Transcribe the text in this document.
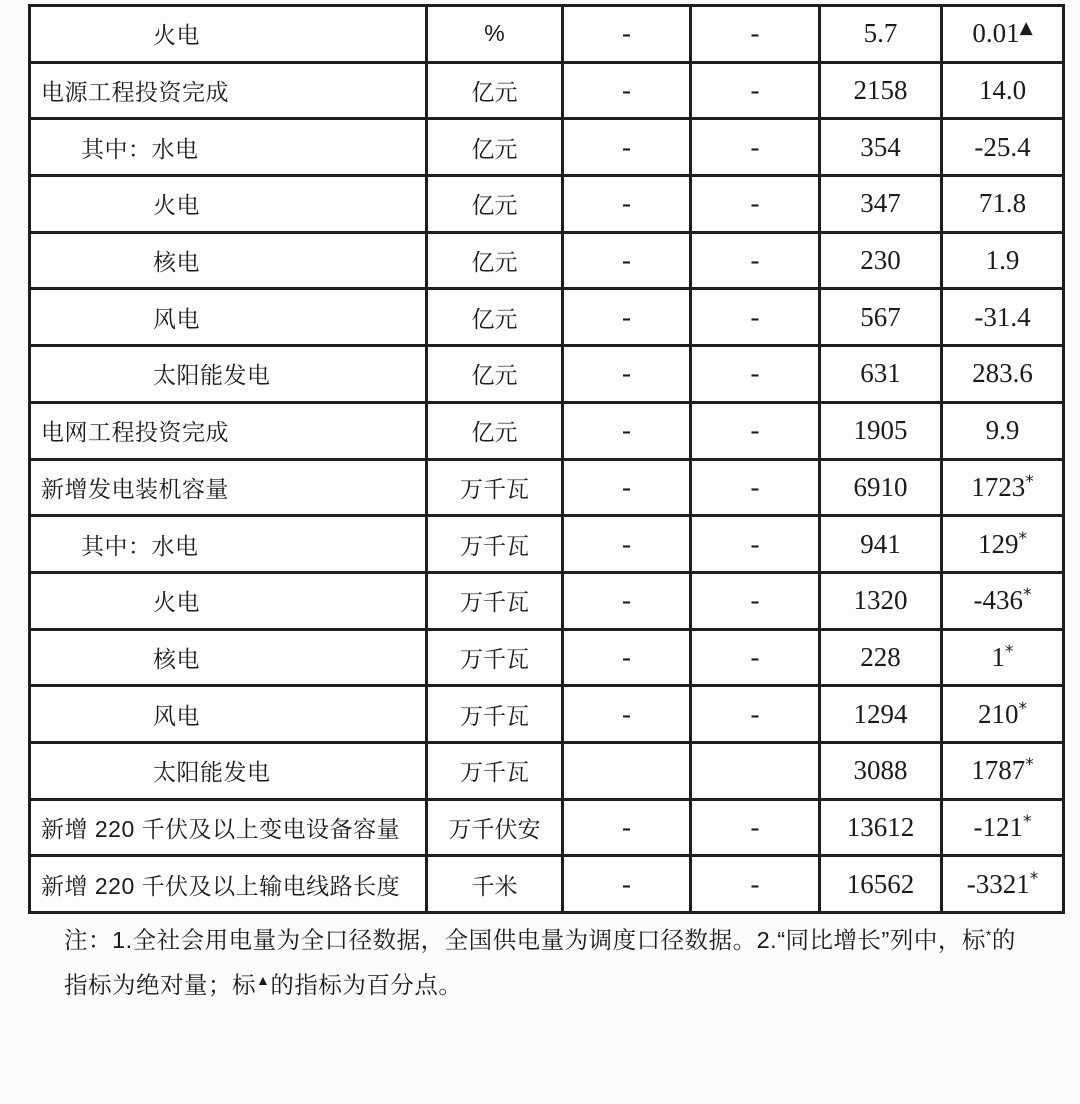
火电	%	-	-	5.7	0.01▲
电源工程投资完成	亿元	-	-	2158	14.0
其中：水电	亿元	-	-	354	-25.4
火电	亿元	-	-	347	71.8
核电	亿元	-	-	230	1.9
风电	亿元	-	-	567	-31.4
太阳能发电	亿元	-	-	631	283.6
电网工程投资完成	亿元	-	-	1905	9.9
新增发电装机容量	万千瓦	-	-	6910	1723*
其中：水电	万千瓦	-	-	941	129*
火电	万千瓦	-	-	1320	-436*
核电	万千瓦	-	-	228	1*
风电	万千瓦	-	-	1294	210*
太阳能发电	万千瓦			3088	1787*
新增 220 千伏及以上变电设备容量	万千伏安	-	-	13612	-121*
新增 220 千伏及以上输电线路长度	千米	-	-	16562	-3321*

注：1.全社会用电量为全口径数据，全国供电量为调度口径数据。2.“同比增长”列中，标*的指标为绝对量；标▲的指标为百分点。
